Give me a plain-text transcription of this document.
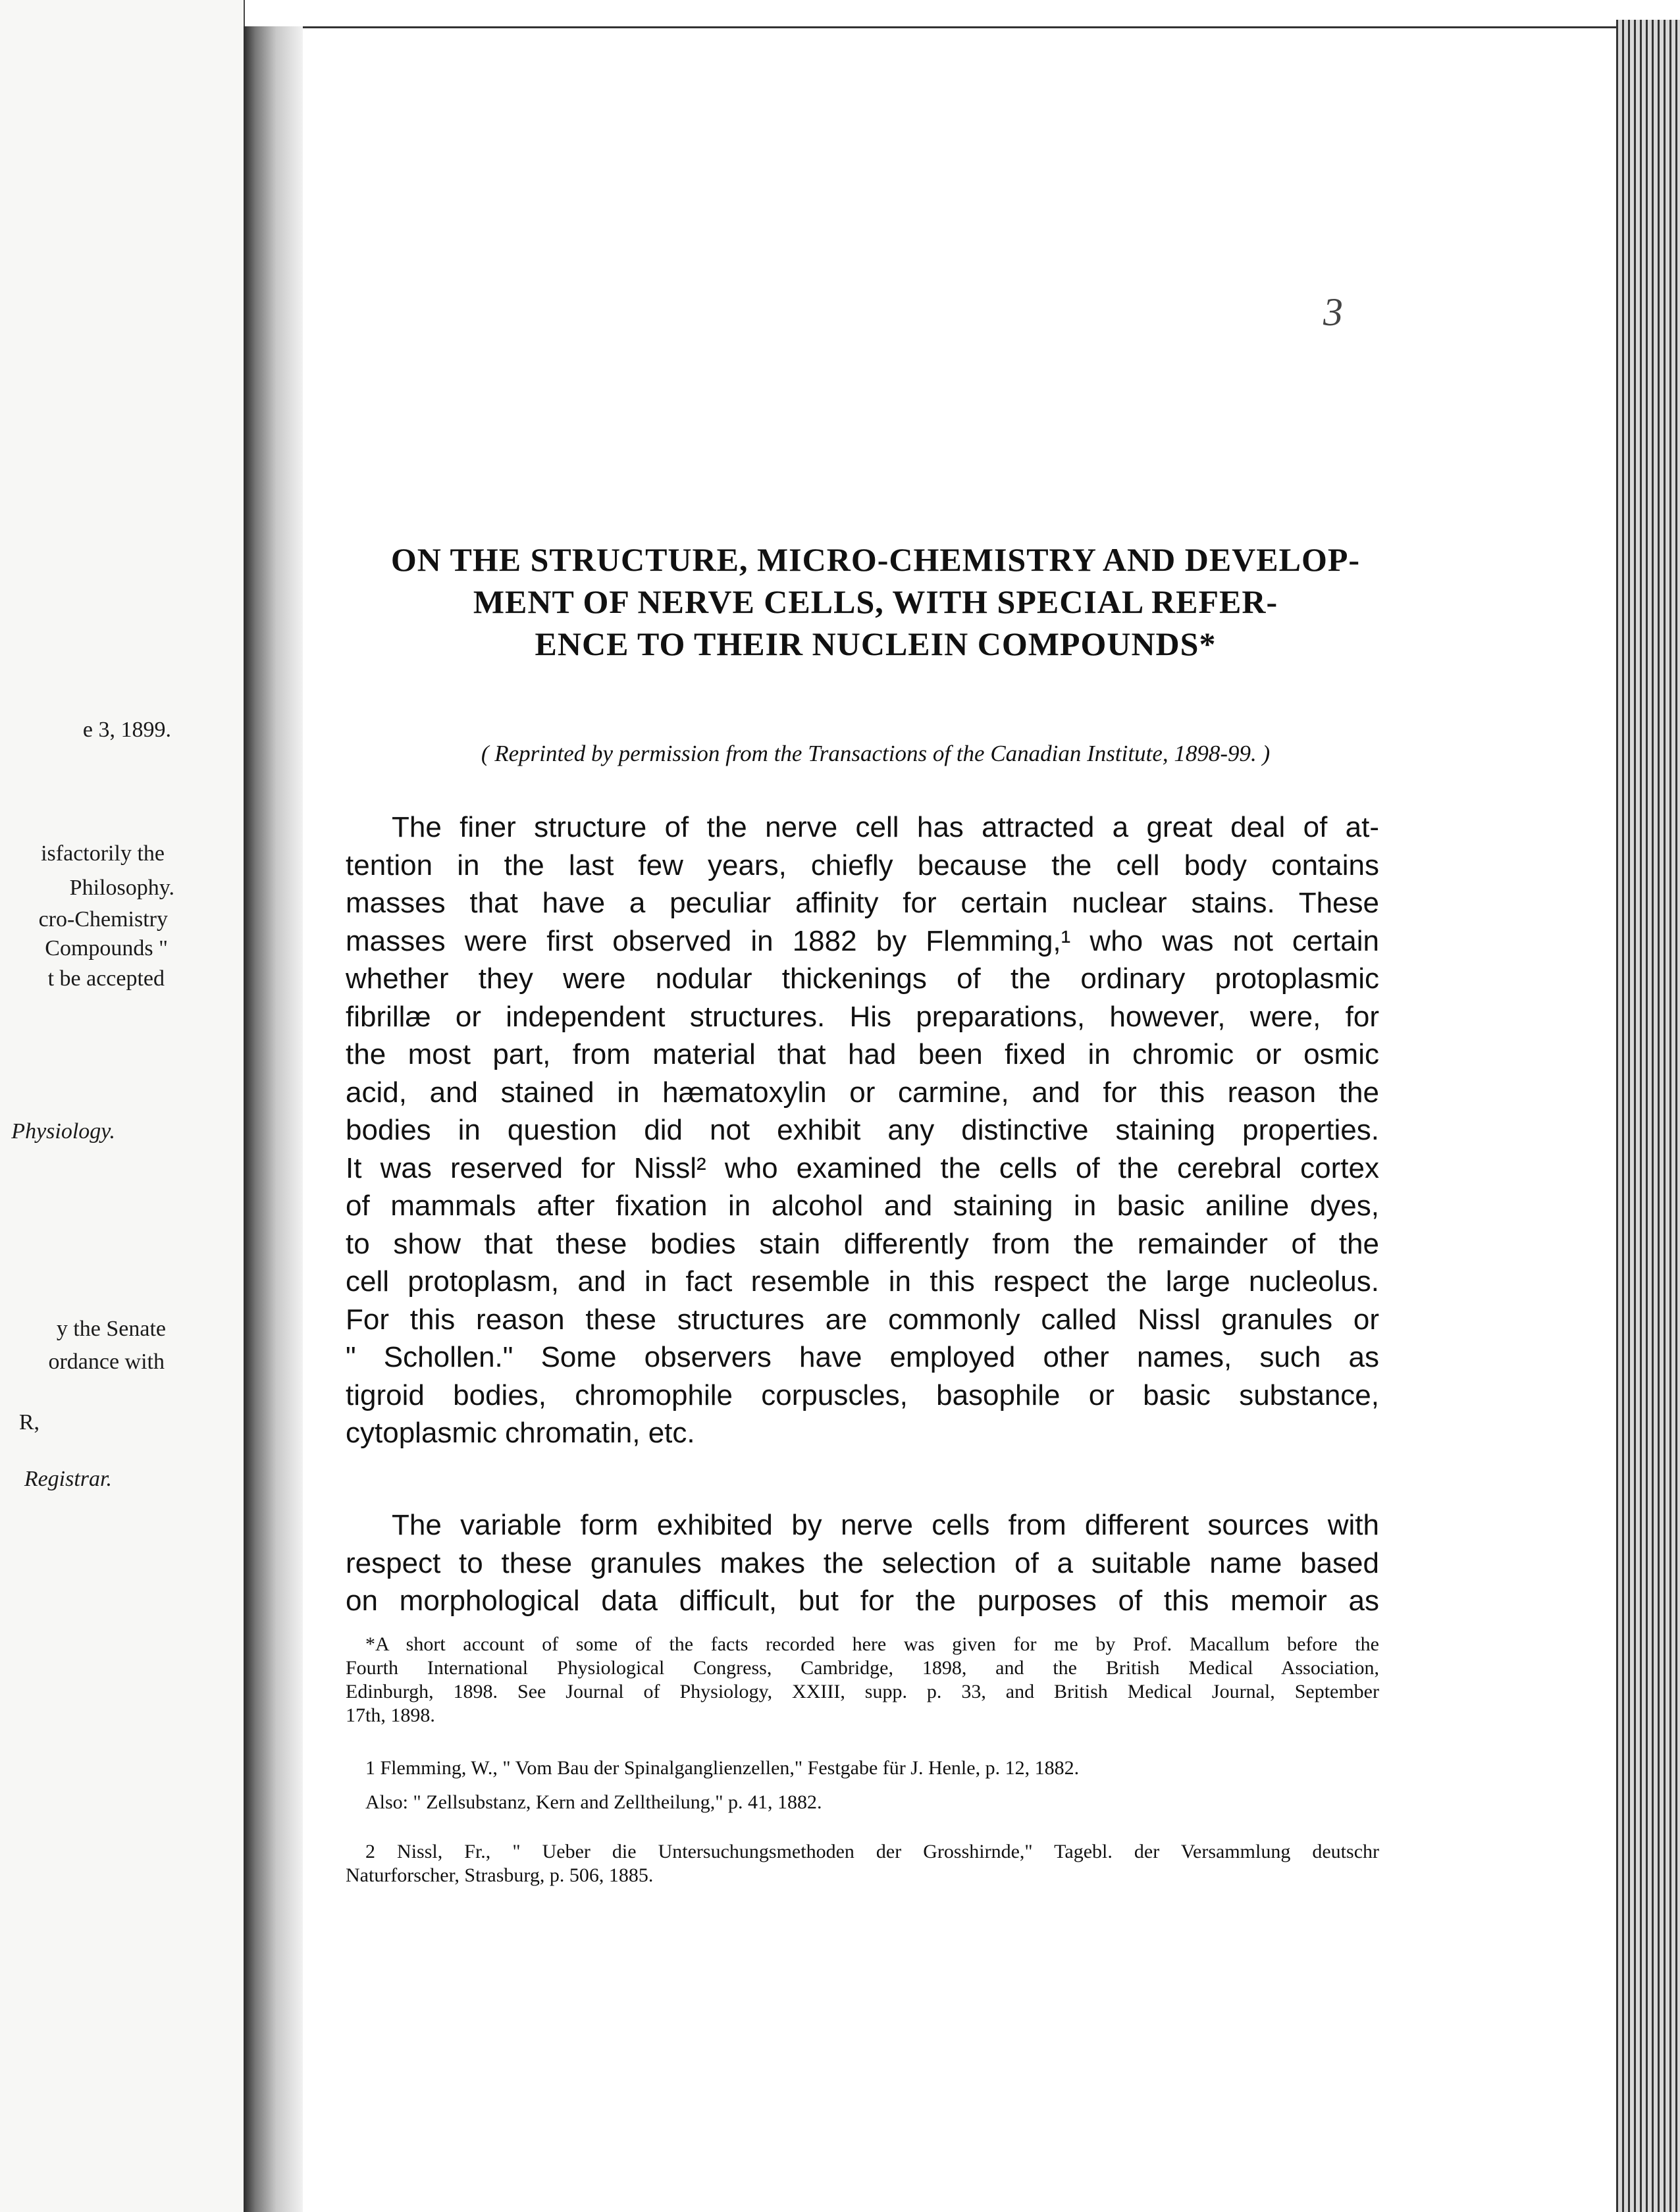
e 3, 1899.
isfactorily the
Philosophy.
cro-Chemistry
Compounds "
t be accepted
Physiology.
y the Senate
ordance with
R,
Registrar.
3
ON THE STRUCTURE, MICRO-CHEMISTRY AND DEVELOP-
MENT OF NERVE CELLS, WITH SPECIAL REFER-
ENCE TO THEIR NUCLEIN COMPOUNDS*
( Reprinted by permission from the Transactions of the Canadian Institute, 1898-99. )
The finer structure of the nerve cell has attracted a great deal of at-
tention in the last few years, chiefly because the cell body contains
masses that have a peculiar affinity for certain nuclear stains. These
masses were first observed in 1882 by Flemming,¹ who was not certain
whether they were nodular thickenings of the ordinary protoplasmic
fibrillæ or independent structures. His preparations, however, were, for
the most part, from material that had been fixed in chromic or osmic
acid, and stained in hæmatoxylin or carmine, and for this reason the
bodies in question did not exhibit any distinctive staining properties.
It was reserved for Nissl² who examined the cells of the cerebral cortex
of mammals after fixation in alcohol and staining in basic aniline dyes,
to show that these bodies stain differently from the remainder of the
cell protoplasm, and in fact resemble in this respect the large nucleolus.
For this reason these structures are commonly called Nissl granules or
" Schollen." Some observers have employed other names, such as
tigroid bodies, chromophile corpuscles, basophile or basic substance,
cytoplasmic chromatin, etc.
The variable form exhibited by nerve cells from different sources with
respect to these granules makes the selection of a suitable name based
on morphological data difficult, but for the purposes of this memoir as
*A short account of some of the facts recorded here was given for me by Prof. Macallum before the
Fourth International Physiological Congress, Cambridge, 1898, and the British Medical Association,
Edinburgh, 1898. See Journal of Physiology, XXIII, supp. p. 33, and British Medical Journal, September
17th, 1898.
1 Flemming, W., " Vom Bau der Spinalganglienzellen," Festgabe für J. Henle, p. 12, 1882.
Also: " Zellsubstanz, Kern and Zelltheilung," p. 41, 1882.
2 Nissl, Fr., " Ueber die Untersuchungsmethoden der Grosshirnde," Tagebl. der Versammlung deutschr
Naturforscher, Strasburg, p. 506, 1885.
